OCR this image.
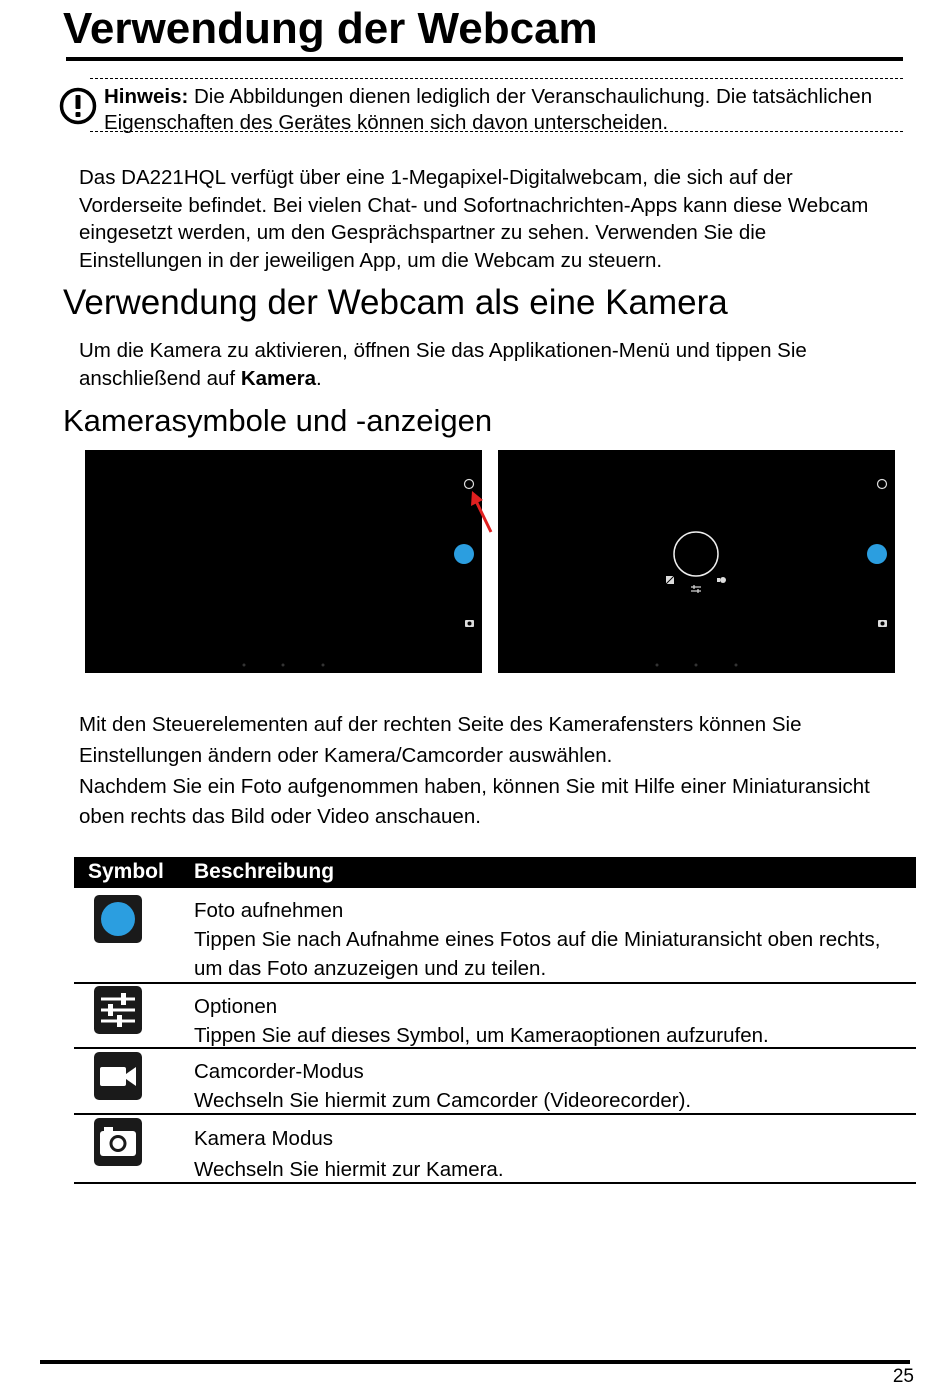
Verwendung der Webcam
Hinweis: Die Abbildungen dienen lediglich der Veranschaulichung. Die tatsächlichen Eigenschaften des Gerätes können sich davon unterscheiden.
Das DA221HQL verfügt über eine 1-Megapixel-Digitalwebcam, die sich auf der Vorderseite befindet. Bei vielen Chat- und Sofortnachrichten-Apps kann diese Webcam eingesetzt werden, um den Gesprächspartner zu sehen. Verwenden Sie die Einstellungen in der jeweiligen App, um die Webcam zu steuern.
Verwendung der Webcam als eine Kamera
Um die Kamera zu aktivieren, öffnen Sie das Applikationen-Menü und tippen Sie anschließend auf Kamera.
Kamerasymbole und -anzeigen
Mit den Steuerelementen auf der rechten Seite des Kamerafensters können Sie Einstellungen ändern oder Kamera/Camcorder auswählen.
Nachdem Sie ein Foto aufgenommen haben, können Sie mit Hilfe einer Miniaturansicht oben rechts das Bild oder Video anschauen.
Symbol Beschreibung
Foto aufnehmen
Tippen Sie nach Aufnahme eines Fotos auf die Miniaturansicht oben rechts, um das Foto anzuzeigen und zu teilen.
Optionen
Tippen Sie auf dieses Symbol, um Kameraoptionen aufzurufen.
Camcorder-Modus
Wechseln Sie hiermit zum Camcorder (Videorecorder).
Kamera Modus
Wechseln Sie hiermit zur Kamera.
25
